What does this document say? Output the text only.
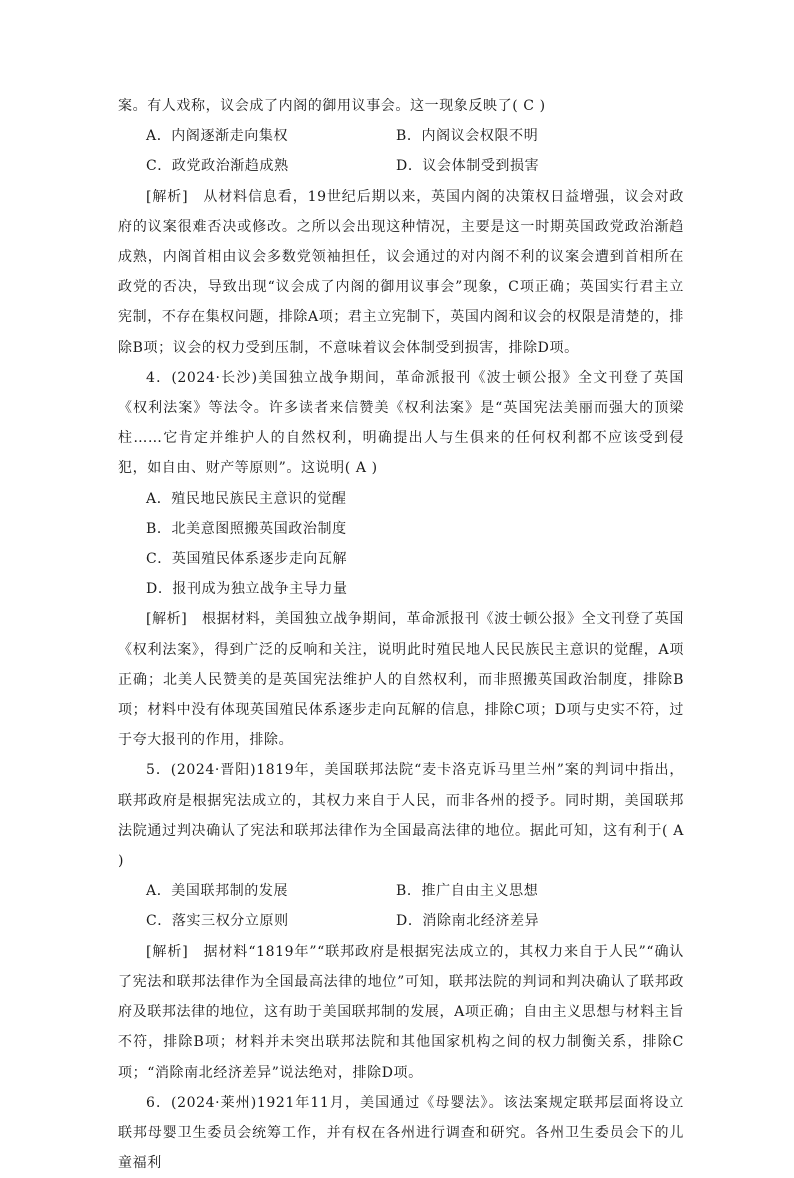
案。有人戏称，议会成了内阁的御用议事会。这一现象反映了( C )

A．内阁逐渐走向集权	B．内阁议会权限不明
C．政党政治渐趋成熟	D．议会体制受到损害

[解析]　从材料信息看，19世纪后期以来，英国内阁的决策权日益增强，议会对政府的议案很难否决或修改。之所以会出现这种情况，主要是这一时期英国政党政治渐趋成熟，内阁首相由议会多数党领袖担任，议会通过的对内阁不利的议案会遭到首相所在政党的否决，导致出现“议会成了内阁的御用议事会”现象，C项正确；英国实行君主立宪制，不存在集权问题，排除A项；君主立宪制下，英国内阁和议会的权限是清楚的，排除B项；议会的权力受到压制，不意味着议会体制受到损害，排除D项。

4．(2024·长沙)美国独立战争期间，革命派报刊《波士顿公报》全文刊登了英国《权利法案》等法令。许多读者来信赞美《权利法案》是“英国宪法美丽而强大的顶梁柱……它肯定并维护人的自然权利，明确提出人与生俱来的任何权利都不应该受到侵犯，如自由、财产等原则”。这说明( A )

A．殖民地民族民主意识的觉醒

B．北美意图照搬英国政治制度

C．英国殖民体系逐步走向瓦解

D．报刊成为独立战争主导力量

[解析]　根据材料，美国独立战争期间，革命派报刊《波士顿公报》全文刊登了英国《权利法案》，得到广泛的反响和关注，说明此时殖民地人民民族民主意识的觉醒，A项正确；北美人民赞美的是英国宪法维护人的自然权利，而非照搬英国政治制度，排除B项；材料中没有体现英国殖民体系逐步走向瓦解的信息，排除C项；D项与史实不符，过于夸大报刊的作用，排除。

5．(2024·晋阳)1819年，美国联邦法院“麦卡洛克诉马里兰州”案的判词中指出，联邦政府是根据宪法成立的，其权力来自于人民，而非各州的授予。同时期，美国联邦法院通过判决确认了宪法和联邦法律作为全国最高法律的地位。据此可知，这有利于( A )

A．美国联邦制的发展	B．推广自由主义思想
C．落实三权分立原则	D．消除南北经济差异

[解析]　据材料“1819年”“联邦政府是根据宪法成立的，其权力来自于人民”“确认了宪法和联邦法律作为全国最高法律的地位”可知，联邦法院的判词和判决确认了联邦政府及联邦法律的地位，这有助于美国联邦制的发展，A项正确；自由主义思想与材料主旨不符，排除B项；材料并未突出联邦法院和其他国家机构之间的权力制衡关系，排除C项；“消除南北经济差异”说法绝对，排除D项。

6．(2024·莱州)1921年11月，美国通过《母婴法》。该法案规定联邦层面将设立联邦母婴卫生委员会统筹工作，并有权在各州进行调查和研究。各州卫生委员会下的儿童福利
